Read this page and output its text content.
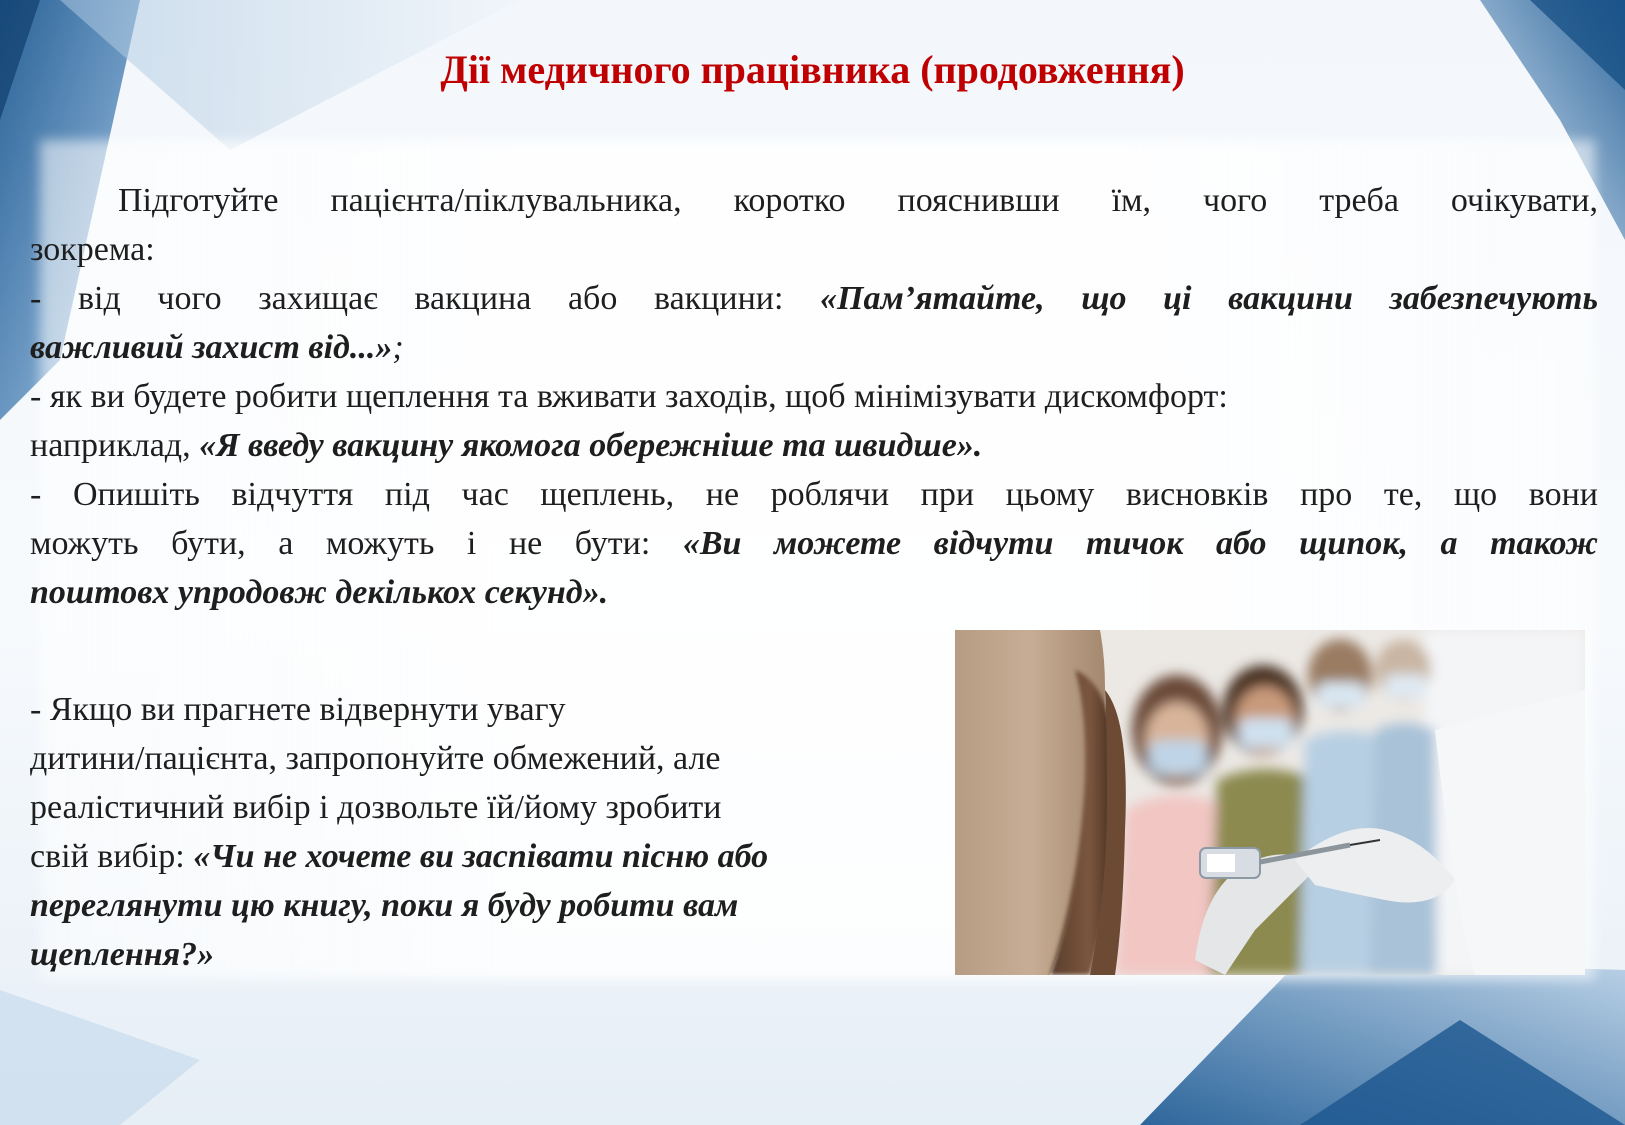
Дії медичного працівника (продовження)

Підготуйте пацієнта/піклувальника, коротко пояснивши їм, чого треба очікувати,

зокрема:

- від чого захищає вакцина або вакцини: «Пам’ятайте, що ці вакцини забезпечують

важливий захист від...»;

- як ви будете робити щеплення та вживати заходів, щоб мінімізувати дискомфорт:

наприклад, «Я введу вакцину якомога обережніше та швидше».

- Опишіть відчуття під час щеплень, не роблячи при цьому висновків про те, що вони

можуть бути, а можуть і не бути: «Ви можете відчути тичок або щипок, а також

поштовх упродовж декількох секунд».

- Якщо ви прагнете відвернути увагу

дитини/пацієнта, запропонуйте обмежений, але

реалістичний вибір і дозвольте їй/йому зробити

свій вибір: «Чи не хочете ви заспівати пісню або

переглянути цю книгу, поки я буду робити вам

щеплення?»
